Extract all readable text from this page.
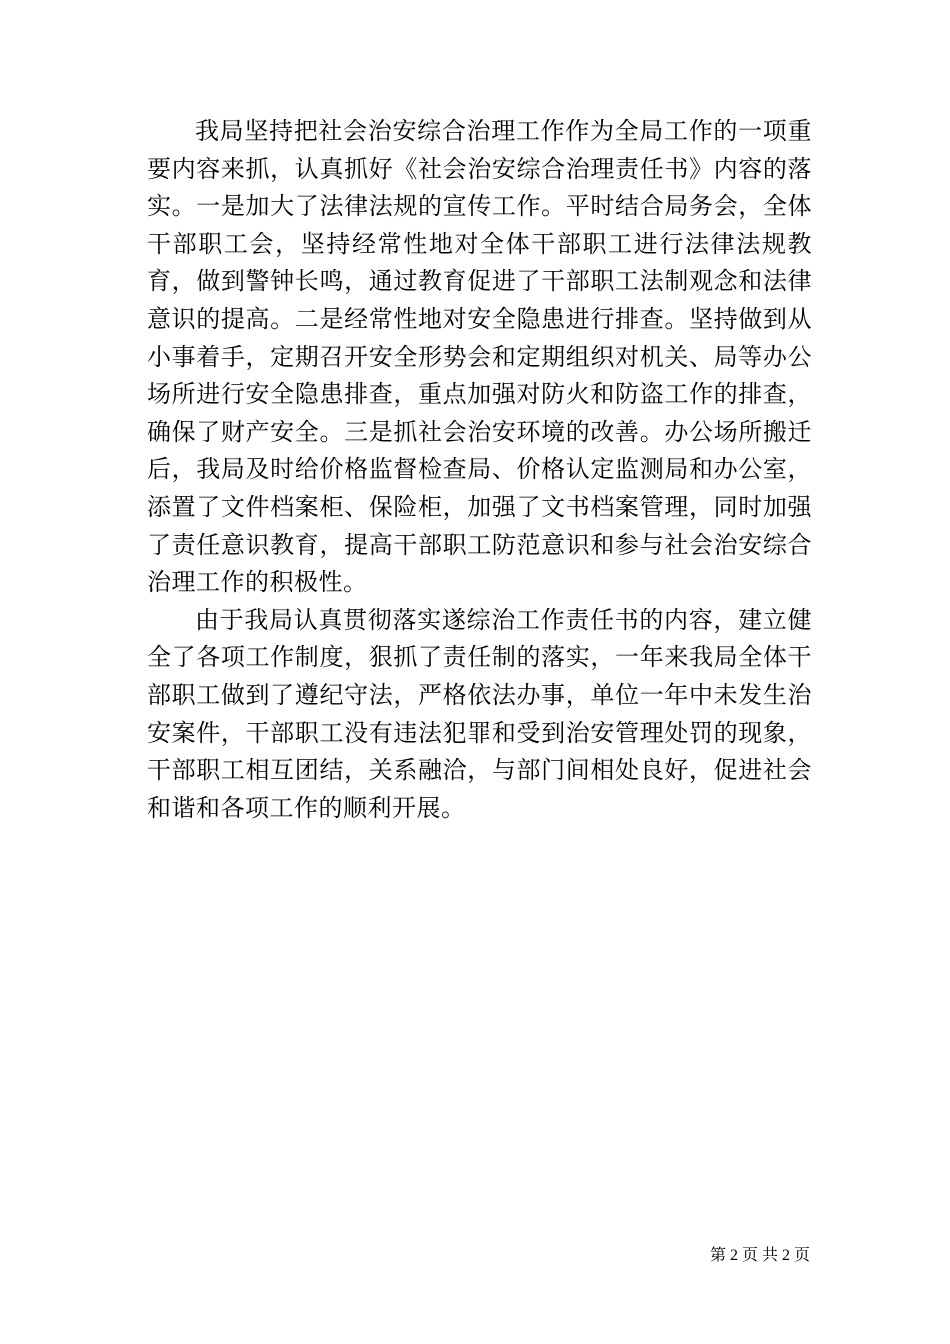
我局坚持把社会治安综合治理工作作为全局工作的一项重要内容来抓，认真抓好《社会治安综合治理责任书》内容的落实。一是加大了法律法规的宣传工作。平时结合局务会，全体干部职工会，坚持经常性地对全体干部职工进行法律法规教育，做到警钟长鸣，通过教育促进了干部职工法制观念和法律意识的提高。二是经常性地对安全隐患进行排查。坚持做到从小事着手，定期召开安全形势会和定期组织对机关、局等办公场所进行安全隐患排查，重点加强对防火和防盗工作的排查，确保了财产安全。三是抓社会治安环境的改善。办公场所搬迁后，我局及时给价格监督检查局、价格认定监测局和办公室，添置了文件档案柜、保险柜，加强了文书档案管理，同时加强了责任意识教育，提高干部职工防范意识和参与社会治安综合治理工作的积极性。

由于我局认真贯彻落实遂综治工作责任书的内容，建立健全了各项工作制度，狠抓了责任制的落实，一年来我局全体干部职工做到了遵纪守法，严格依法办事，单位一年中未发生治安案件，干部职工没有违法犯罪和受到治安管理处罚的现象，干部职工相互团结，关系融洽，与部门间相处良好，促进社会和谐和各项工作的顺利开展。

第 2 页 共 2 页
